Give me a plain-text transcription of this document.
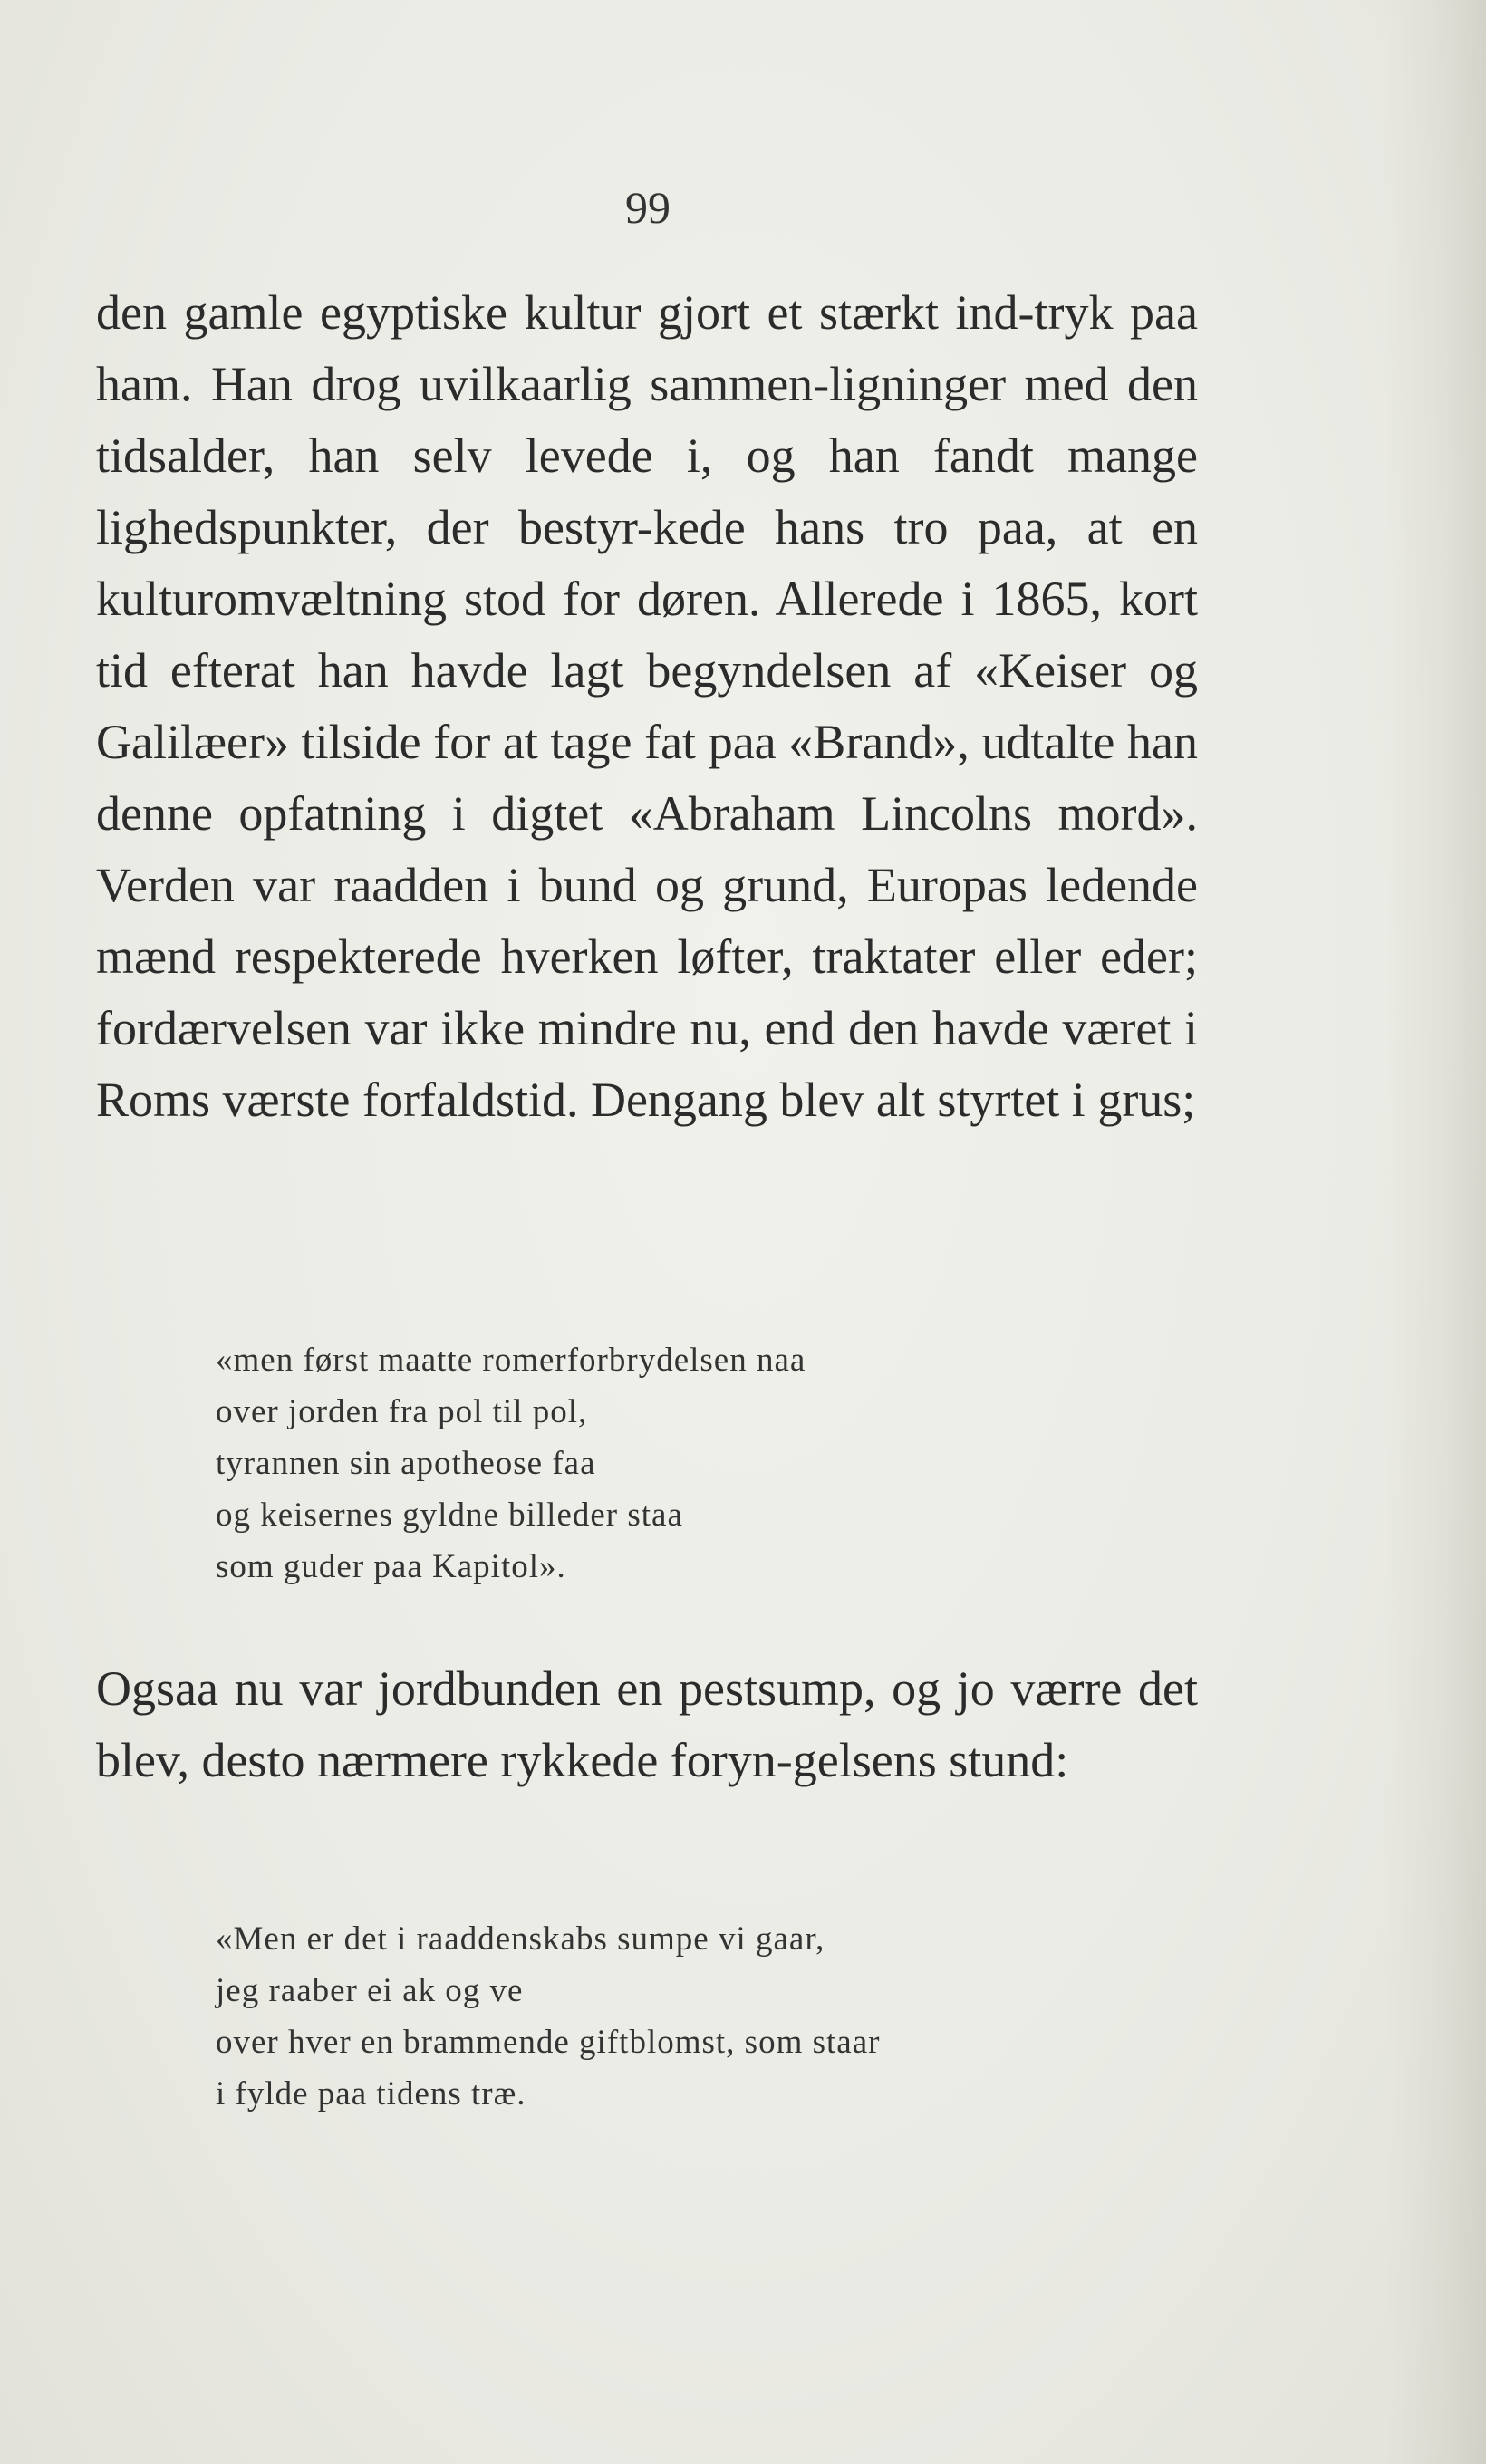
99
den gamle egyptiske kultur gjort et stærkt ind-tryk paa ham. Han drog uvilkaarlig sammen-ligninger med den tidsalder, han selv levede i, og han fandt mange lighedspunkter, der bestyr-kede hans tro paa, at en kulturomvæltning stod for døren. Allerede i 1865, kort tid efterat han havde lagt begyndelsen af «Keiser og Galilæer» tilside for at tage fat paa «Brand», udtalte han denne opfatning i digtet «Abraham Lincolns mord». Verden var raadden i bund og grund, Europas ledende mænd respekterede hverken løfter, traktater eller eder; fordærvelsen var ikke mindre nu, end den havde været i Roms værste forfaldstid. Dengang blev alt styrtet i grus;
«men først maatte romerforbrydelsen naa
over jorden fra pol til pol,
tyrannen sin apotheose faa
og keisernes gyldne billeder staa
som guder paa Kapitol».
Ogsaa nu var jordbunden en pestsump, og jo værre det blev, desto nærmere rykkede foryn-gelsens stund:
«Men er det i raaddenskabs sumpe vi gaar,
jeg raaber ei ak og ve
over hver en brammende giftblomst, som staar
i fylde paa tidens træ.
